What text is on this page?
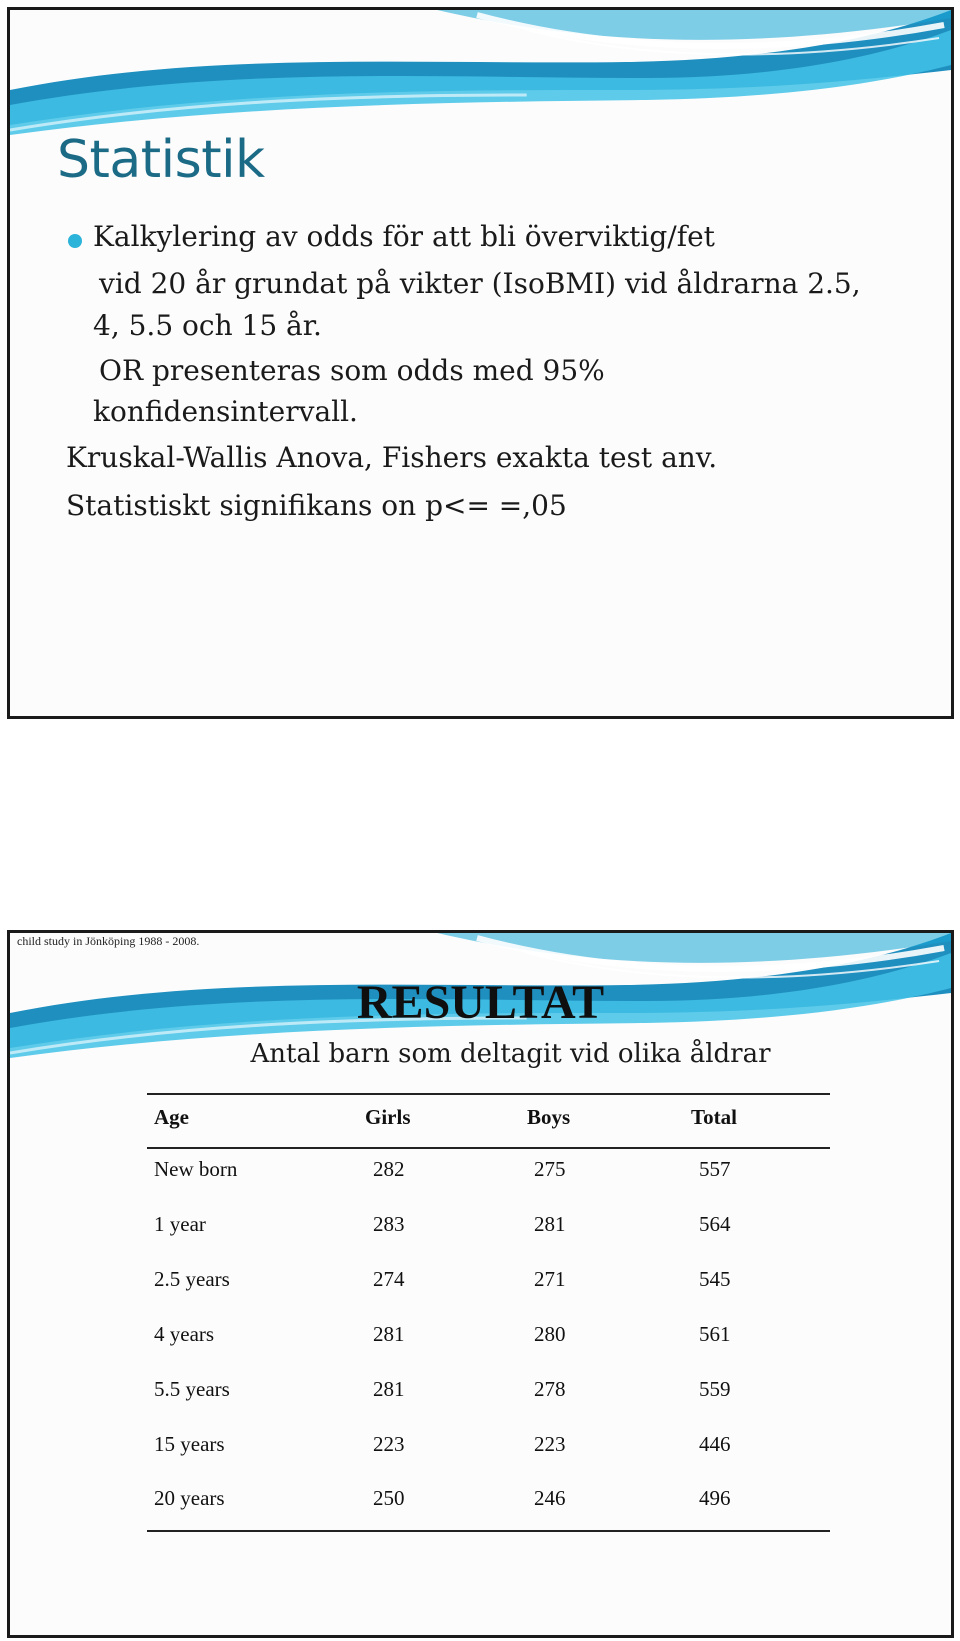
Statistik
Kalkylering av odds för att bli överviktig/fet
vid 20 år grundat på vikter (IsoBMI) vid åldrarna 2.5,
4, 5.5 och 15 år.
OR presenteras som odds med 95%
konfidensintervall.
Kruskal-Wallis Anova, Fishers exakta test anv.
Statistiskt signifikans on p<= =,05
child study in Jönköping 1988 - 2008.
RESULTAT
Antal barn som deltagit vid olika åldrar
Age	Girls	Boys	Total
New born	282	275	557
1 year	283	281	564
2.5 years	274	271	545
4 years	281	280	561
5.5 years	281	278	559
15 years	223	223	446
20 years	250	246	496
